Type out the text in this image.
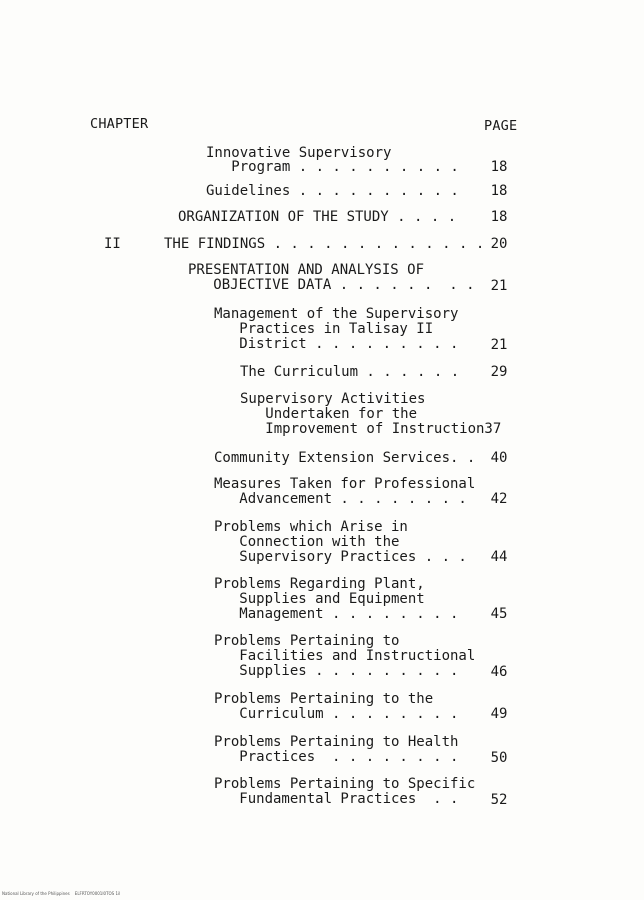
CHAPTER	PAGE
Innovative Supervisory
Program . . . . . . . . . .	18
Guidelines . . . . . . . . . .	18
ORGANIZATION OF THE STUDY . . . .	18
II	THE FINDINGS . . . . . . . . . . . . . 20
PRESENTATION AND ANALYSIS OF
OBJECTIVE DATA . . . . . .  . .	21
Management of the Supervisory
Practices in Talisay II
District . . . . . . . . .	21
The Curriculum . . . . . .	29
Supervisory Activities
Undertaken for the
Improvement of Instruction37
Community Extension Services. .	40
Measures Taken for Professional
Advancement . . . . . . . .	42
Problems which Arise in
Connection with the
Supervisory Practices . . .	44
Problems Regarding Plant,
Supplies and Equipment
Management . . . . . . . .	45
Problems Pertaining to
Facilities and Instructional
Supplies . . . . . . . . .	46
Problems Pertaining to the
Curriculum . . . . . . . .	49
Problems Pertaining to Health
Practices  . . . . . . . .	50
Problems Pertaining to Specific
Fundamental Practices  . .	52
National Library of the Philippines    ELFRTOY0001I0TOS 1il
